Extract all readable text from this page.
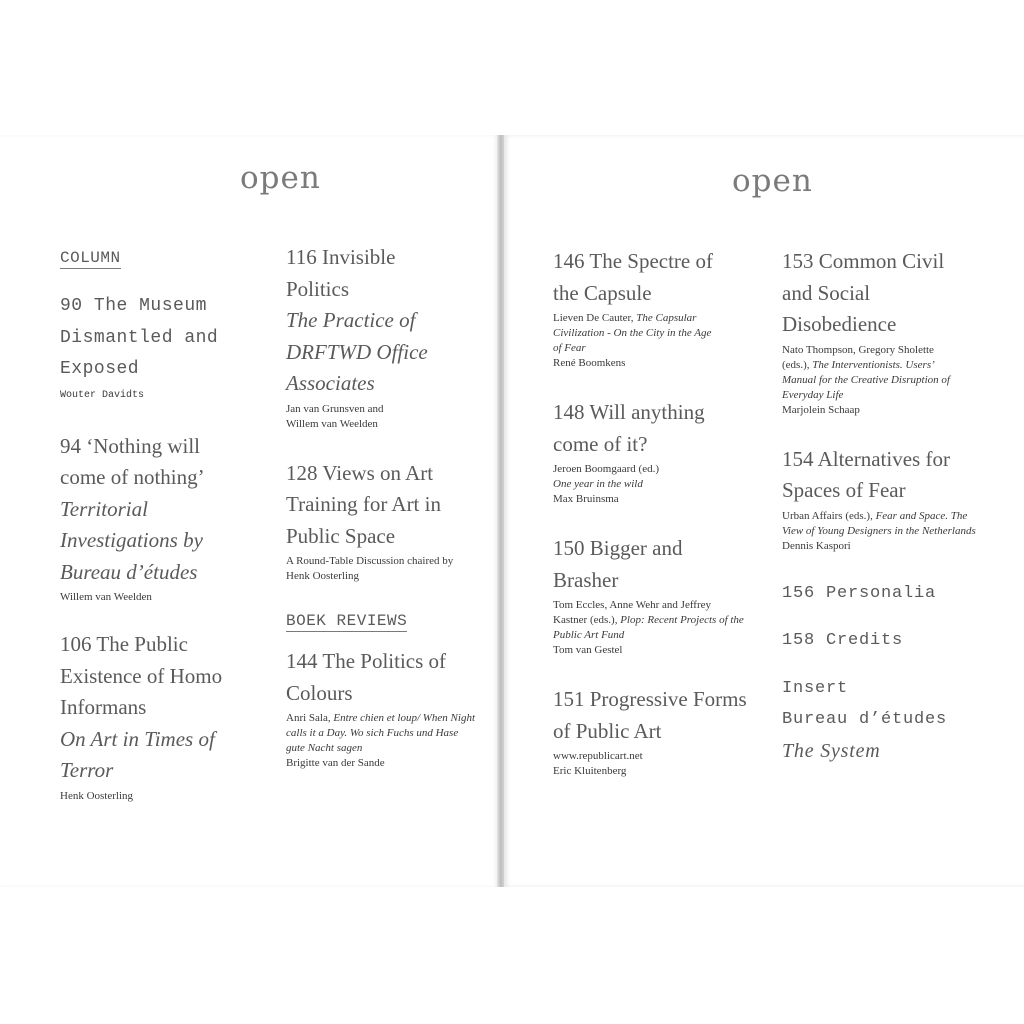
open	open
COLUMN
90 The Museum Dismantled and Exposed
Wouter Davidts
94 ‘Nothing will
come of nothing’
Territorial
Investigations by
Bureau d’études
Willem van Weelden
106 The Public
Existence of Homo
Informans
On Art in Times of
Terror
Henk Oosterling
116 Invisible
Politics
The Practice of
DRFTWD Office
Associates
Jan van Grunsven and
Willem van Weelden
128 Views on Art
Training for Art in
Public Space
A Round-Table Discussion chaired by
Henk Oosterling
BOEK REVIEWS
144 The Politics of
Colours
Anri Sala, Entre chien et loup/ When Night
calls it a Day. Wo sich Fuchs und Hase
gute Nacht sagen
Brigitte van der Sande
146 The Spectre of
the Capsule
Lieven De Cauter, The Capsular
Civilization - On the City in the Age
of Fear
René Boomkens
148 Will anything
come of it?
Jeroen Boomgaard (ed.)
One year in the wild
Max Bruinsma
150 Bigger and
Brasher
Tom Eccles, Anne Wehr and Jeffrey
Kastner (eds.), Plop: Recent Projects of the
Public Art Fund
Tom van Gestel
151 Progressive Forms
of Public Art
www.republicart.net
Eric Kluitenberg
153 Common Civil
and Social
Disobedience
Nato Thompson, Gregory Sholette
(eds.), The Interventionists. Users’
Manual for the Creative Disruption of
Everyday Life
Marjolein Schaap
154 Alternatives for
Spaces of Fear
Urban Affairs (eds.), Fear and Space. The
View of Young Designers in the Netherlands
Dennis Kaspori
156 Personalia
158 Credits
Insert
Bureau d’études
The System
